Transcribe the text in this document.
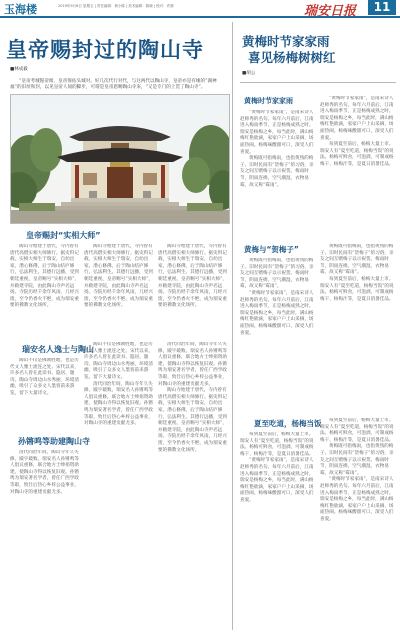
玉海楼	2019年9月6日 星期五 | 责任编辑：黄小陈 | 美术编辑：陈晓 | 校对：许静	瑞安日报	11
皇帝赐封过的陶山寺
■林成毅

“皇帝考城隍帝闻，皇帝保佑头城对。好几次代行对代，与这两代以陶山寺，皇帝亦是有缘的“湖神福”的旧址和封，以见皇帝人间的脚步，可谓是皇帝恩赐陶山寺来，“又是专门的上贯了陶山寺”。

皇帝赐封“实相大师”

陶山寺始建于唐代，寺内曾有唐代高僧实相大师修行。据史料记载，实相大师生于瑞安，自幼出家，潜心修佛，后于陶山结庐修行，弘法利生。其德行远播，受到朝廷重视，皇帝赐号“实相大师”，并敕建寺院，由此陶山寺声名远扬。寺院历经千余年风雨，几经兴废，至今仍香火不绝，成为瑞安重要的佛教文化场所。

陶山寺始建于唐代，寺内曾有唐代高僧实相大师修行。据史料记载，实相大师生于瑞安，自幼出家，潜心修佛，后于陶山结庐修行，弘法利生。其德行远播，受到朝廷重视，皇帝赐号“实相大师”，并敕建寺院，由此陶山寺声名远扬。寺院历经千余年风雨，几经兴废，至今仍香火不绝，成为瑞安重要的佛教文化场所。

陶山寺始建于唐代，寺内曾有唐代高僧实相大师修行。据史料记载，实相大师生于瑞安，自幼出家，潜心修佛，后于陶山结庐修行，弘法利生。其德行远播，受到朝廷重视，皇帝赐号“实相大师”，并敕建寺院，由此陶山寺声名远扬。寺院历经千余年风雨，几经兴废，至今仍香火不绝，成为瑞安重要的佛教文化场所。

瑞安名人逸士与陶山

陶山不仅是佛教胜地，也是历代文人雅士流连之处。宋代以来，许多名人曾在此读书、隐居、题诗。陶山寺周边山水秀丽，环境清幽，吸引了众多文人墨客前来游览，留下大量诗文。

孙锵鸣等助建陶山寺

清代同治年间，陶山寺年久失修，殿宇破败。瑞安名人孙锵鸣等人倡议重修，联合地方士绅捐资助建，使陶山寺得以恢复旧观。孙锵鸣为瑞安著名学者，曾任广西学政等职，致仕后热心乡梓公益事业，对陶山寺的重建贡献尤多。

陶山不仅是佛教胜地，也是历代文人雅士流连之处。宋代以来，许多名人曾在此读书、隐居、题诗。陶山寺周边山水秀丽，环境清幽，吸引了众多文人墨客前来游览，留下大量诗文。

清代同治年间，陶山寺年久失修，殿宇破败。瑞安名人孙锵鸣等人倡议重修，联合地方士绅捐资助建，使陶山寺得以恢复旧观。孙锵鸣为瑞安著名学者，曾任广西学政等职，致仕后热心乡梓公益事业，对陶山寺的重建贡献尤多。

清代同治年间，陶山寺年久失修，殿宇破败。瑞安名人孙锵鸣等人倡议重修，联合地方士绅捐资助建，使陶山寺得以恢复旧观。孙锵鸣为瑞安著名学者，曾任广西学政等职，致仕后热心乡梓公益事业，对陶山寺的重建贡献尤多。

陶山寺始建于唐代，寺内曾有唐代高僧实相大师修行。据史料记载，实相大师生于瑞安，自幼出家，潜心修佛，后于陶山结庐修行，弘法利生。其德行远播，受到朝廷重视，皇帝赐号“实相大师”，并敕建寺院，由此陶山寺声名远扬。寺院历经千余年风雨，几经兴废，至今仍香火不绝，成为瑞安重要的佛教文化场所。

黄梅时节家家雨
喜见杨梅树树红
■胡公
黄梅时节家家雨

“黄梅时节家家雨”，是南宋诗人赵师秀的名句。每年六月前后，江南进入梅雨季节，正是杨梅成熟之时。瑞安是杨梅之乡，每当此时，满山杨梅红艳欲滴，家家户户上山采摘，场面热闹。杨梅味酸甜可口，深受人们喜爱。

黄梅既可指梅雨，也指黄熟的梅子。旧时民间有“贺梅子”的习俗，亲友之间互赠梅子以示祝贺。梅雨时节，阴雨连绵，空气潮湿，衣物易霉，故又称“霉雨”。

“黄梅时节家家雨”，是南宋诗人赵师秀的名句。每年六月前后，江南进入梅雨季节，正是杨梅成熟之时。瑞安是杨梅之乡，每当此时，满山杨梅红艳欲滴，家家户户上山采摘，场面热闹。杨梅味酸甜可口，深受人们喜爱。

每到夏至前后，杨梅大量上市。瑞安人有“夏至吃道，杨梅当饭”的说法。杨梅可鲜食，可泡酒，可制成杨梅干、杨梅汁等，是夏日消暑佳品。

黄梅与“贺梅子”

黄梅既可指梅雨，也指黄熟的梅子。旧时民间有“贺梅子”的习俗，亲友之间互赠梅子以示祝贺。梅雨时节，阴雨连绵，空气潮湿，衣物易霉，故又称“霉雨”。

“黄梅时节家家雨”，是南宋诗人赵师秀的名句。每年六月前后，江南进入梅雨季节，正是杨梅成熟之时。瑞安是杨梅之乡，每当此时，满山杨梅红艳欲滴，家家户户上山采摘，场面热闹。杨梅味酸甜可口，深受人们喜爱。

黄梅既可指梅雨，也指黄熟的梅子。旧时民间有“贺梅子”的习俗，亲友之间互赠梅子以示祝贺。梅雨时节，阴雨连绵，空气潮湿，衣物易霉，故又称“霉雨”。

每到夏至前后，杨梅大量上市。瑞安人有“夏至吃道，杨梅当饭”的说法。杨梅可鲜食，可泡酒，可制成杨梅干、杨梅汁等，是夏日消暑佳品。

夏至吃道，杨梅当饭

每到夏至前后，杨梅大量上市。瑞安人有“夏至吃道，杨梅当饭”的说法。杨梅可鲜食，可泡酒，可制成杨梅干、杨梅汁等，是夏日消暑佳品。

“黄梅时节家家雨”，是南宋诗人赵师秀的名句。每年六月前后，江南进入梅雨季节，正是杨梅成熟之时。瑞安是杨梅之乡，每当此时，满山杨梅红艳欲滴，家家户户上山采摘，场面热闹。杨梅味酸甜可口，深受人们喜爱。

每到夏至前后，杨梅大量上市。瑞安人有“夏至吃道，杨梅当饭”的说法。杨梅可鲜食，可泡酒，可制成杨梅干、杨梅汁等，是夏日消暑佳品。

黄梅既可指梅雨，也指黄熟的梅子。旧时民间有“贺梅子”的习俗，亲友之间互赠梅子以示祝贺。梅雨时节，阴雨连绵，空气潮湿，衣物易霉，故又称“霉雨”。

“黄梅时节家家雨”，是南宋诗人赵师秀的名句。每年六月前后，江南进入梅雨季节，正是杨梅成熟之时。瑞安是杨梅之乡，每当此时，满山杨梅红艳欲滴，家家户户上山采摘，场面热闹。杨梅味酸甜可口，深受人们喜爱。
